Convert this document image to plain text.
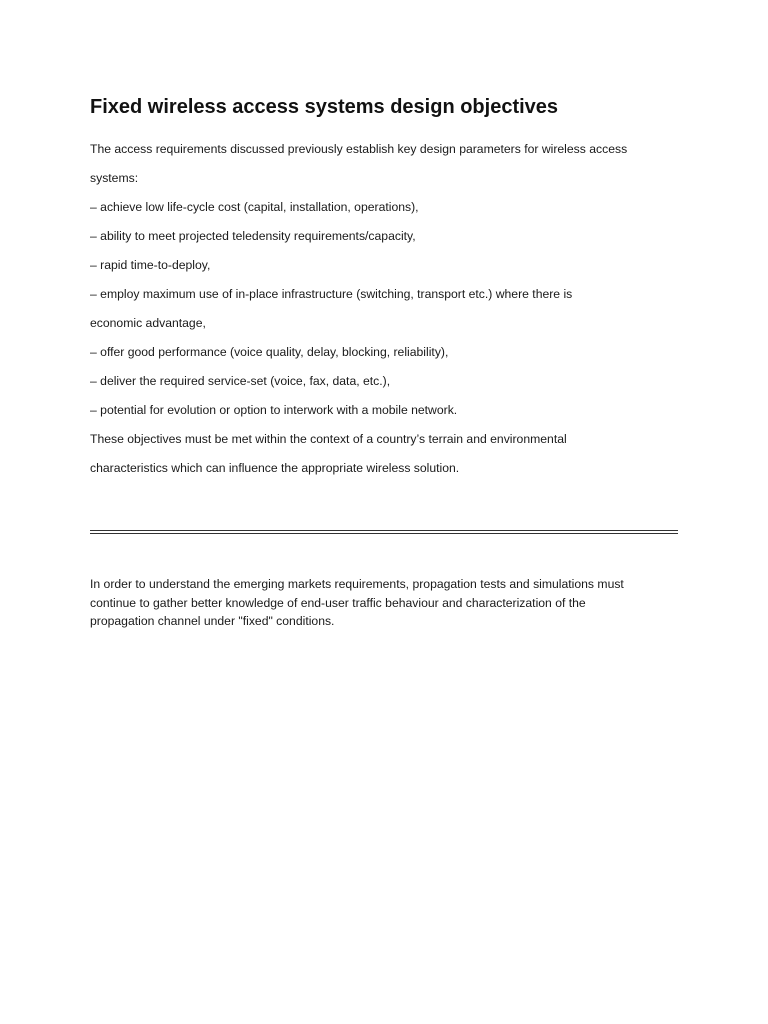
Fixed wireless access systems design objectives

The access requirements discussed previously establish key design parameters for wireless access

systems:

– achieve low life-cycle cost (capital, installation, operations),

– ability to meet projected teledensity requirements/capacity,

– rapid time-to-deploy,

– employ maximum use of in-place infrastructure (switching, transport etc.) where there is

economic advantage,

– offer good performance (voice quality, delay, blocking, reliability),

– deliver the required service-set (voice, fax, data, etc.),

– potential for evolution or option to interwork with a mobile network.

These objectives must be met within the context of a country’s terrain and environmental

characteristics which can influence the appropriate wireless solution.

In order to understand the emerging markets requirements, propagation tests and simulations must
continue to gather better knowledge of end-user traffic behaviour and characterization of the
propagation channel under "fixed" conditions.
